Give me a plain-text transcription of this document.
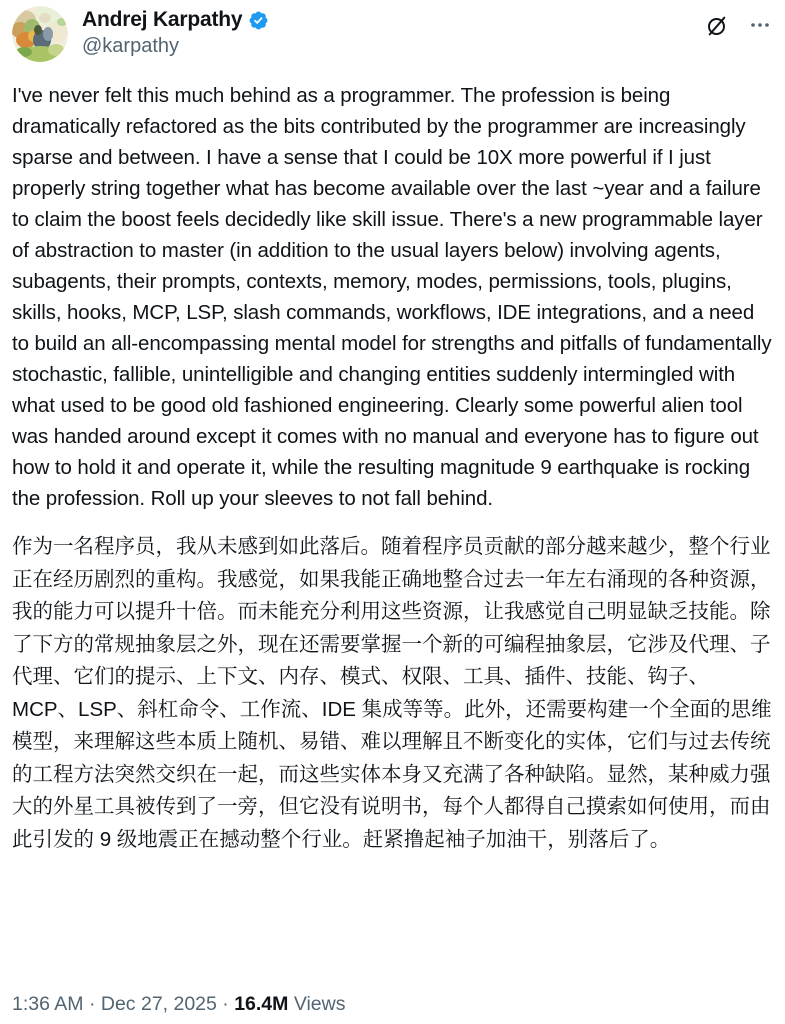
Andrej Karpathy
@karpathy

I've never felt this much behind as a programmer. The profession is being dramatically refactored as the bits contributed by the programmer are increasingly sparse and between. I have a sense that I could be 10X more powerful if I just properly string together what has become available over the last ~year and a failure to claim the boost feels decidedly like skill issue. There's a new programmable layer of abstraction to master (in addition to the usual layers below) involving agents, subagents, their prompts, contexts, memory, modes, permissions, tools, plugins, skills, hooks, MCP, LSP, slash commands, workflows, IDE integrations, and a need to build an all-encompassing mental model for strengths and pitfalls of fundamentally stochastic, fallible, unintelligible and changing entities suddenly intermingled with what used to be good old fashioned engineering. Clearly some powerful alien tool was handed around except it comes with no manual and everyone has to figure out how to hold it and operate it, while the resulting magnitude 9 earthquake is rocking the profession. Roll up your sleeves to not fall behind.

作为一名程序员，我从未感到如此落后。随着程序员贡献的部分越来越少，整个行业正在经历剧烈的重构。我感觉，如果我能正确地整合过去一年左右涌现的各种资源，我的能力可以提升十倍。而未能充分利用这些资源，让我感觉自己明显缺乏技能。除了下方的常规抽象层之外，现在还需要掌握一个新的可编程抽象层，它涉及代理、子代理、它们的提示、上下文、内存、模式、权限、工具、插件、技能、钩子、MCP、LSP、斜杠命令、工作流、IDE 集成等等。此外，还需要构建一个全面的思维模型，来理解这些本质上随机、易错、难以理解且不断变化的实体，它们与过去传统的工程方法突然交织在一起，而这些实体本身又充满了各种缺陷。显然，某种威力强大的外星工具被传到了一旁，但它没有说明书，每个人都得自己摸索如何使用，而由此引发的 9 级地震正在撼动整个行业。赶紧撸起袖子加油干，别落后了。

1:36 AM · Dec 27, 2025 · 16.4M Views
